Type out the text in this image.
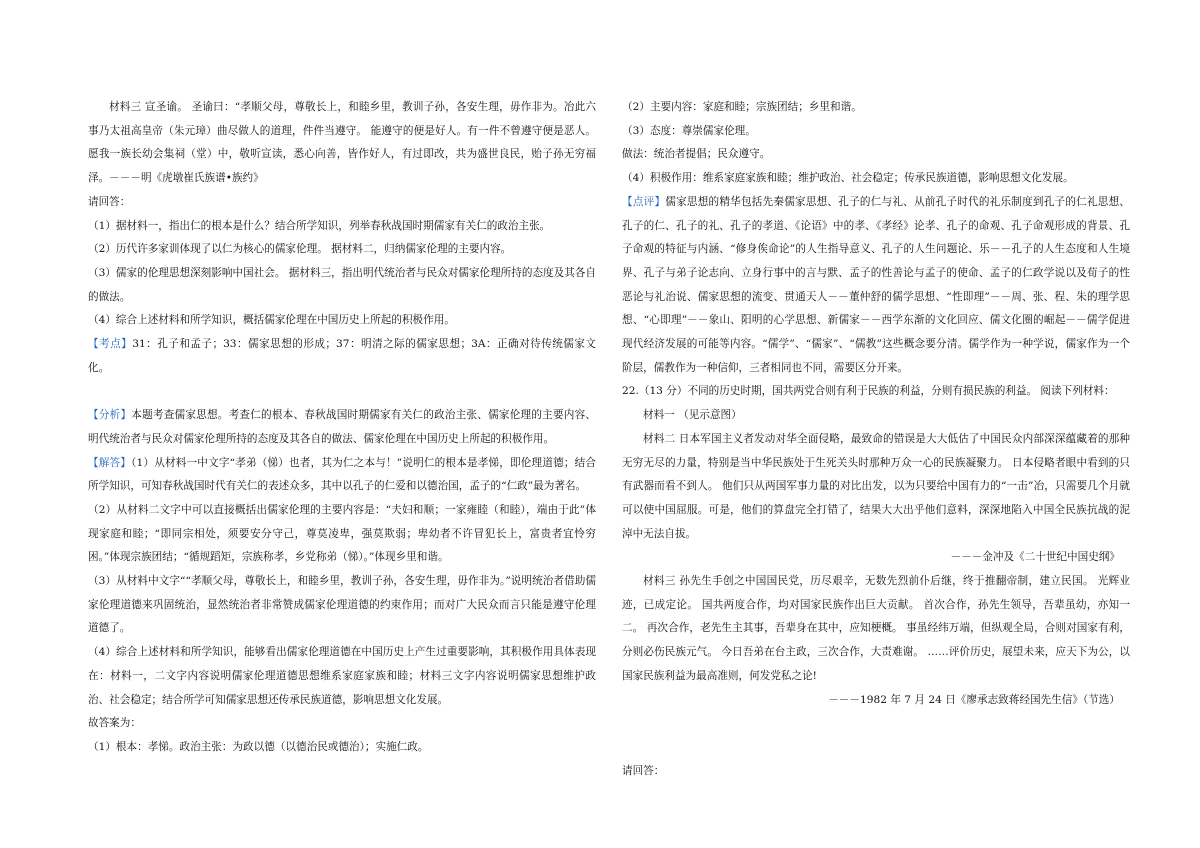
材料三 宣圣谕。 圣谕曰：“孝顺父母，尊敬长上，和睦乡里，教训子孙，各安生理，毋作非为。冶此六事乃太祖高皇帝（朱元璋）曲尽做人的道理，件件当遵守。 能遵守的便是好人。有一件不曾遵守便是恶人。 愿我一族长幼会集祠（堂）中，敬听宣读，悉心向善，皆作好人，有过即改，共为盛世良民，贻子孙无穷福泽。－－－明《虎墩崔氏族谱•族约》

请回答：

（1）据材料一，指出仁的根本是什么？结合所学知识，列举春秋战国时期儒家有关仁的政治主张。

（2）历代许多家训体现了以仁为核心的儒家伦理。 据材料二，归纳儒家伦理的主要内容。

（3）儒家的伦理思想深刻影响中国社会。 据材料三，指出明代统治者与民众对儒家伦理所持的态度及其各自的做法。

（4）综合上述材料和所学知识，概括儒家伦理在中国历史上所起的积极作用。

【考点】31：孔子和孟子；33：儒家思想的形成；37：明清之际的儒家思想；3A：正确对待传统儒家文化。

【分析】本题考查儒家思想。考查仁的根本、春秋战国时期儒家有关仁的政治主张、儒家伦理的主要内容、明代统治者与民众对儒家伦理所持的态度及其各自的做法、儒家伦理在中国历史上所起的积极作用。

【解答】（1）从材料一中文字“孝弟（悌）也者，其为仁之本与！”说明仁的根本是孝悌，即伦理道德；结合所学知识，可知春秋战国时代有关仁的表述众多，其中以孔子的仁爱和以德治国，孟子的“仁政”最为著名。

（2）从材料二文字中可以直接概括出儒家伦理的主要内容是：“夫妇和顺；一家雍睦（和睦），端由于此”体现家庭和睦；“即同宗相处，须要安分守己，尊莫凌卑，强莫欺弱；卑幼者不许冒犯长上，富贵者宜怜穷困。”体现宗族团结；“循规蹈矩，宗族称孝，乡党称弟（悌）。”体现乡里和谐。

（3）从材料中文字““孝顺父母，尊敬长上，和睦乡里，教训子孙，各安生理，毋作非为。”说明统治者借助儒家伦理道德来巩固统治，显然统治者非常赞成儒家伦理道德的约束作用；而对广大民众而言只能是遵守伦理道德了。

（4）综合上述材料和所学知识，能够看出儒家伦理道德在中国历史上产生过重要影响，其积极作用具体表现在：材料一，二文字内容说明儒家伦理道德思想维系家庭家族和睦；材料三文字内容说明儒家思想维护政治、社会稳定；结合所学可知儒家思想还传承民族道德，影响思想文化发展。

故答案为：

（1）根本：孝悌。政治主张：为政以德（以德治民或德治）；实施仁政。

（2）主要内容：家庭和睦；宗族团结；乡里和谐。

（3）态度：尊崇儒家伦理。

做法：统治者提倡；民众遵守。

（4）积极作用：维系家庭家族和睦；维护政治、社会稳定；传承民族道德，影响思想文化发展。

【点评】儒家思想的精华包括先秦儒家思想、孔子的仁与礼、从前孔子时代的礼乐制度到孔子的仁礼思想、孔子的仁、孔子的礼、孔子的孝道、《论语》中的孝、《孝经》论孝、孔子的命观、孔子命观形成的背景、孔子命观的特征与内涵、“修身俟命论”的人生指导意义、孔子的人生问题论、乐－－孔子的人生态度和人生境界、孔子与弟子论志向、立身行事中的言与默、孟子的性善论与孟子的使命、孟子的仁政学说以及荀子的性恶论与礼治说、儒家思想的流变、贯通天人－－董仲舒的儒学思想、“性即理”－－周、张、程、朱的理学思想、“心即理”－－象山、阳明的心学思想、新儒家－－西学东渐的文化回应、儒文化圈的崛起－－儒学促进现代经济发展的可能等内容。“儒学”、“儒家”、“儒教”这些概念要分清。儒学作为一种学说，儒家作为一个阶层，儒教作为一种信仰，三者相同也不同，需要区分开来。

22.（13 分）不同的历史时期，国共两党合则有利于民族的利益，分则有损民族的利益。 阅读下列材料：

材料一 （见示意图）

材料二 日本军国主义者发动对华全面侵略，最致命的错误是大大低估了中国民众内部深深蕴藏着的那种无穷无尽的力量，特别是当中华民族处于生死关头时那种万众一心的民族凝聚力。 日本侵略者眼中看到的只有武器而看不到人。 他们只从两国军事力量的对比出发，以为只要给中国有力的“一击”冶，只需要几个月就可以使中国屈服。可是，他们的算盘完全打错了，结果大大出乎他们意料，深深地陷入中国全民族抗战的泥淖中无法自拔。

－－－金冲及《二十世纪中国史纲》

材料三 孙先生手创之中国国民党，历尽艰辛，无数先烈前仆后继，终于推翻帝制，建立民国。 光辉业迹，已成定论。 国共两度合作，均对国家民族作出巨大贡献。 首次合作，孙先生领导，吾辈虽幼，亦知一二。 再次合作，老先生主其事，吾辈身在其中，应知梗概。 事虽经纬万端，但纵观全局，合则对国家有利，分则必伤民族元气。 今日吾弟在台主政，三次合作，大责难谢。 ……评价历史，展望未来，应天下为公，以国家民族利益为最高准则，何发党私之论!

－－－1982 年 7 月 24 日《廖承志致蒋经国先生信》（节选）

请回答：
